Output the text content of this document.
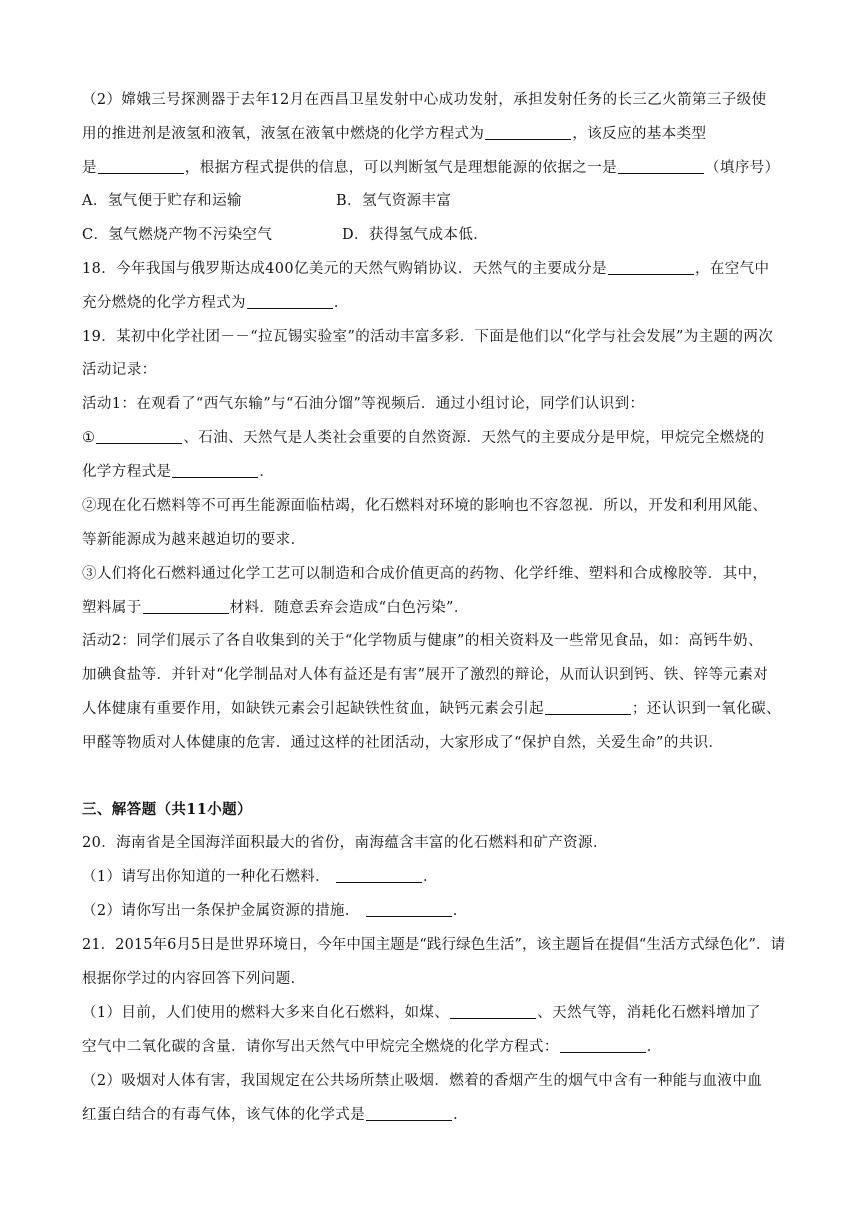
（2）嫦娥三号探测器于去年12月在西昌卫星发射中心成功发射，承担发射任务的长三乙火箭第三子级使
用的推进剂是液氢和液氧，液氢在液氧中燃烧的化学方程式为	，该反应的基本类型
是	，根据方程式提供的信息，可以判断氢气是理想能源的依据之一是	（填序号）
A．氢气便于贮存和运输	B．氢气资源丰富
C．氢气燃烧产物不污染空气	D．获得氢气成本低．
18．今年我国与俄罗斯达成400亿美元的天然气购销协议．天然气的主要成分是	，在空气中
充分燃烧的化学方程式为	．
19．某初中化学社团－－“拉瓦锡实验室”的活动丰富多彩．下面是他们以“化学与社会发展”为主题的两次
活动记录：
活动1：在观看了“西气东输”与“石油分馏”等视频后．通过小组讨论，同学们认识到：
①	、石油、天然气是人类社会重要的自然资源．天然气的主要成分是甲烷，甲烷完全燃烧的
化学方程式是	．
②现在化石燃料等不可再生能源面临枯竭，化石燃料对环境的影响也不容忽视．所以，开发和利用风能、
等新能源成为越来越迫切的要求．
③人们将化石燃料通过化学工艺可以制造和合成价值更高的药物、化学纤维、塑料和合成橡胶等．其中，
塑料属于	材料．随意丢弃会造成“白色污染”．
活动2：同学们展示了各自收集到的关于“化学物质与健康”的相关资料及一些常见食品，如：高钙牛奶、
加碘食盐等．并针对“化学制品对人体有益还是有害”展开了激烈的辩论，从而认识到钙、铁、锌等元素对
人体健康有重要作用，如缺铁元素会引起缺铁性贫血，缺钙元素会引起	；还认识到一氧化碳、
甲醛等物质对人体健康的危害．通过这样的社团活动，大家形成了“保护自然，关爱生命”的共识．
三、解答题（共11小题）
20．海南省是全国海洋面积最大的省份，南海蕴含丰富的化石燃料和矿产资源．
（1）请写出你知道的一种化石燃料．	．
（2）请你写出一条保护金属资源的措施．	．
21．2015年6月5日是世界环境日，今年中国主题是“践行绿色生活”，该主题旨在提倡“生活方式绿色化”．请
根据你学过的内容回答下列问题．
（1）目前，人们使用的燃料大多来自化石燃料，如煤、	、天然气等，消耗化石燃料增加了
空气中二氧化碳的含量．请你写出天然气中甲烷完全燃烧的化学方程式：	．
（2）吸烟对人体有害，我国规定在公共场所禁止吸烟．燃着的香烟产生的烟气中含有一种能与血液中血
红蛋白结合的有毒气体，该气体的化学式是	．
